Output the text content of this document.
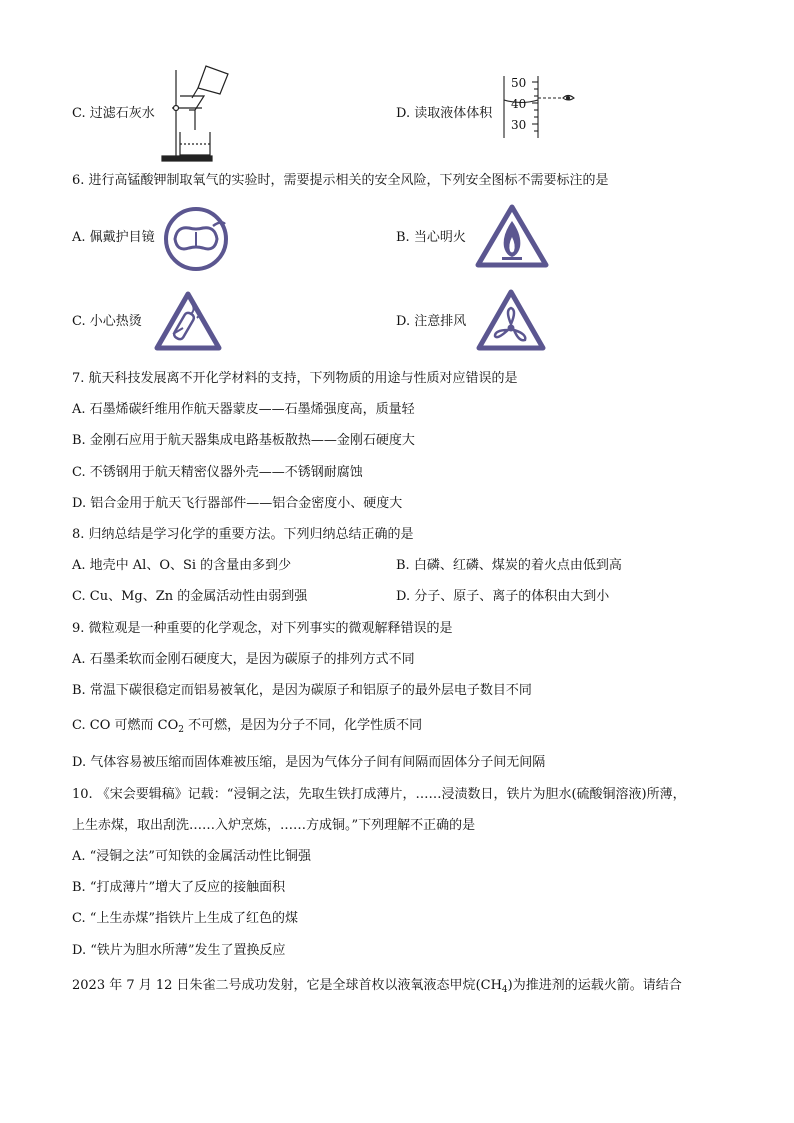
C. 过滤石灰水	D. 读取液体体积
50
40
30
6. 进行高锰酸钾制取氧气的实验时，需要提示相关的安全风险，下列安全图标不需要标注的是
A. 佩戴护目镜	B. 当心明火
C. 小心热烫	D. 注意排风
7. 航天科技发展离不开化学材料的支持，下列物质的用途与性质对应错误的是
A. 石墨烯碳纤维用作航天器蒙皮——石墨烯强度高，质量轻
B. 金刚石应用于航天器集成电路基板散热——金刚石硬度大
C. 不锈钢用于航天精密仪器外壳——不锈钢耐腐蚀
D. 铝合金用于航天飞行器部件——铝合金密度小、硬度大
8. 归纳总结是学习化学的重要方法。下列归纳总结正确的是
A. 地壳中 Al、O、Si 的含量由多到少	B. 白磷、红磷、煤炭的着火点由低到高
C. Cu、Mg、Zn 的金属活动性由弱到强	D. 分子、原子、离子的体积由大到小
9. 微粒观是一种重要的化学观念，对下列事实的微观解释错误的是
A. 石墨柔软而金刚石硬度大，是因为碳原子的排列方式不同
B. 常温下碳很稳定而铝易被氧化，是因为碳原子和铝原子的最外层电子数目不同
C. CO 可燃而 $CO_2$ 不可燃，是因为分子不同，化学性质不同
D. 气体容易被压缩而固体难被压缩，是因为气体分子间有间隔而固体分子间无间隔
10. 《宋会要辑稿》记载：“浸铜之法，先取生铁打成薄片，……浸渍数日，铁片为胆水(硫酸铜溶液)所薄，
上生赤煤，取出刮洗……入炉烹炼，……方成铜。”下列理解不正确的是
A. “浸铜之法”可知铁的金属活动性比铜强
B. “打成薄片”增大了反应的接触面积
C. “上生赤煤”指铁片上生成了红色的煤
D. “铁片为胆水所薄”发生了置换反应
2023 年 7 月 12 日朱雀二号成功发射，它是全球首枚以液氧液态甲烷$(CH_4)$为推进剂的运载火箭。请结合
